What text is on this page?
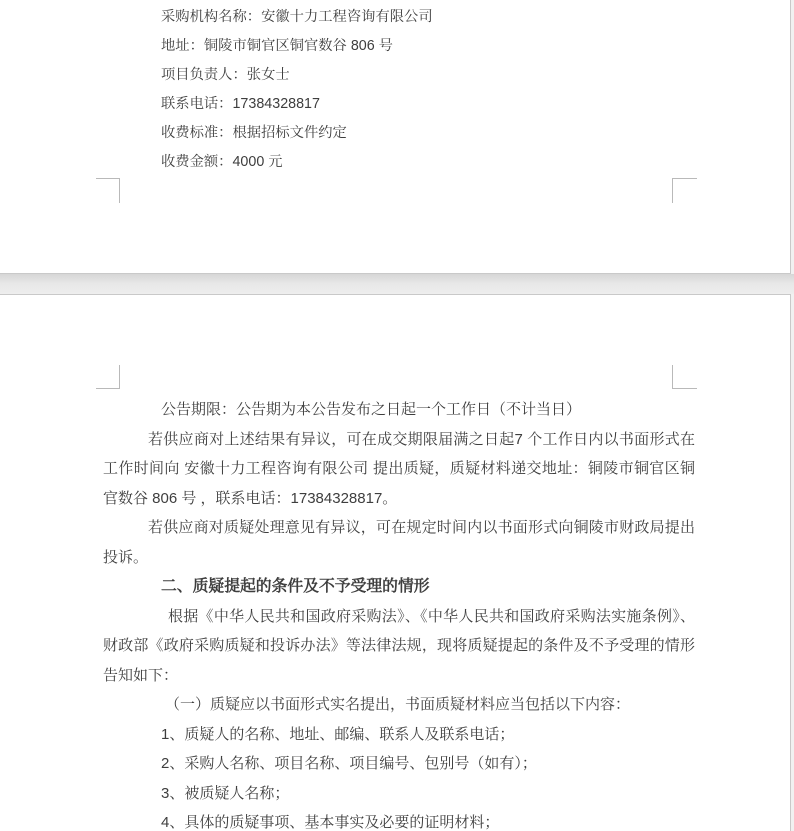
采购机构名称：安徽十力工程咨询有限公司
地址：铜陵市铜官区铜官数谷 806 号
项目负责人：张女士
联系电话：17384328817
收费标准：根据招标文件约定
收费金额：4000 元

公告期限：公告期为本公告发布之日起一个工作日（不计当日）

若供应商对上述结果有异议，可在成交期限届满之日起7 个工作日内以书面形式在工作时间向 安徽十力工程咨询有限公司 提出质疑，质疑材料递交地址：铜陵市铜官区铜官数谷 806 号 ，联系电话：17384328817。

若供应商对质疑处理意见有异议，可在规定时间内以书面形式向铜陵市财政局提出投诉。

二、质疑提起的条件及不予受理的情形

根据《中华人民共和国政府采购法》、《中华人民共和国政府采购法实施条例》、财政部《政府采购质疑和投诉办法》等法律法规，现将质疑提起的条件及不予受理的情形告知如下：

（一）质疑应以书面形式实名提出，书面质疑材料应当包括以下内容：

1、质疑人的名称、地址、邮编、联系人及联系电话；

2、采购人名称、项目名称、项目编号、包别号（如有）；

3、被质疑人名称；

4、具体的质疑事项、基本事实及必要的证明材料；
